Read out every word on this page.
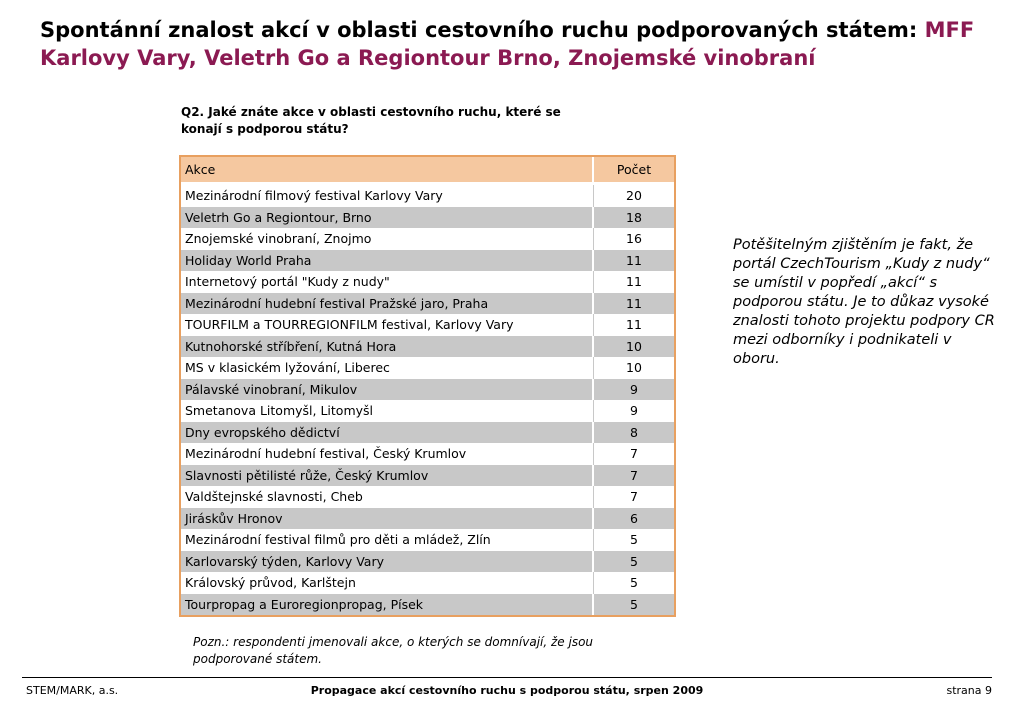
Spontánní znalost akcí v oblasti cestovního ruchu podporovaných státem: MFF Karlovy Vary, Veletrh Go a Regiontour Brno, Znojemské vinobraní
Q2. Jaké znáte akce v oblasti cestovního ruchu, které se konají s podporou státu?
Akce	Počet
Mezinárodní filmový festival Karlovy Vary	20
Veletrh Go a Regiontour, Brno	18
Znojemské vinobraní, Znojmo	16
Holiday World Praha	11
Internetový portál "Kudy z nudy"	11
Mezinárodní hudební festival Pražské jaro, Praha	11
TOURFILM a TOURREGIONFILM festival, Karlovy Vary	11
Kutnohorské stříbření, Kutná Hora	10
MS v klasickém lyžování, Liberec	10
Pálavské vinobraní, Mikulov	9
Smetanova Litomyšl, Litomyšl	9
Dny evropského dědictví	8
Mezinárodní hudební festival, Český Krumlov	7
Slavnosti pětilisté růže, Český Krumlov	7
Valdštejnské slavnosti, Cheb	7
Jiráskův Hronov	6
Mezinárodní festival filmů pro děti a mládež, Zlín	5
Karlovarský týden, Karlovy Vary	5
Královský průvod, Karlštejn	5
Tourpropag a Euroregionpropag, Písek	5
Pozn.: respondenti jmenovali akce, o kterých se domnívají, že jsou podporované státem.
Potěšitelným zjištěním je fakt, že portál CzechTourism „Kudy z nudy“ se umístil v popředí „akcí“ s podporou státu. Je to důkaz vysoké znalosti tohoto projektu podpory CR mezi odborníky i podnikateli v oboru.
STEM/MARK, a.s.	Propagace akcí cestovního ruchu s podporou státu, srpen 2009	strana 9
